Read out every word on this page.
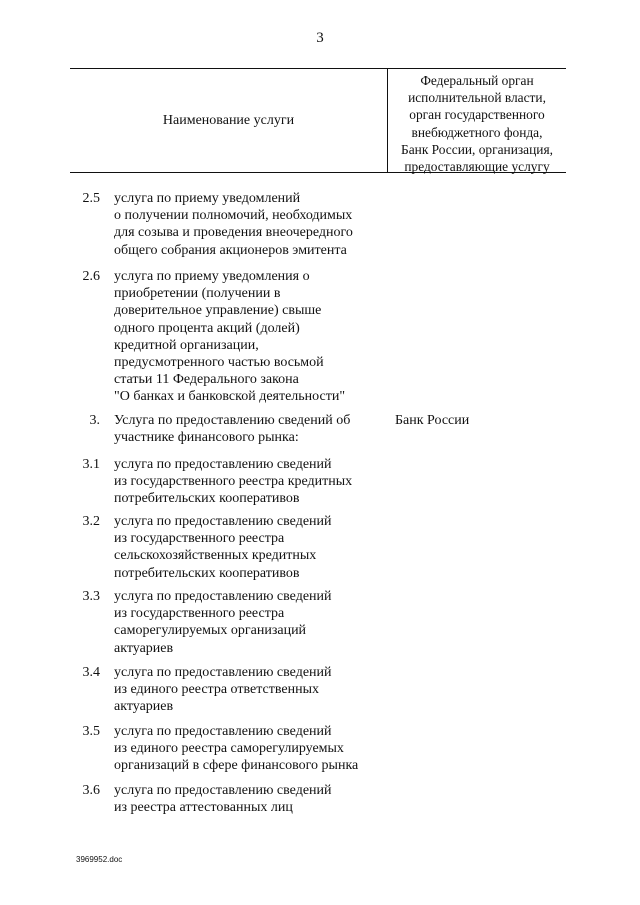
3
Наименование услуги
Федеральный орган
исполнительной власти,
орган государственного
внебюджетного фонда,
Банк России, организация,
предоставляющие услугу
2.5 услуга по приему уведомлений
о получении полномочий, необходимых
для созыва и проведения внеочередного
общего собрания акционеров эмитента
2.6 услуга по приему уведомления о
приобретении (получении в
доверительное управление) свыше
одного процента акций (долей)
кредитной организации,
предусмотренного частью восьмой
статьи 11 Федерального закона
"О банках и банковской деятельности"
3. Услуга по предоставлению сведений об
участнике финансового рынка:
Банк России
3.1 услуга по предоставлению сведений
из государственного реестра кредитных
потребительских кооперативов
3.2 услуга по предоставлению сведений
из государственного реестра
сельскохозяйственных кредитных
потребительских кооперативов
3.3 услуга по предоставлению сведений
из государственного реестра
саморегулируемых организаций
актуариев
3.4 услуга по предоставлению сведений
из единого реестра ответственных
актуариев
3.5 услуга по предоставлению сведений
из единого реестра саморегулируемых
организаций в сфере финансового рынка
3.6 услуга по предоставлению сведений
из реестра аттестованных лиц
3969952.doc
